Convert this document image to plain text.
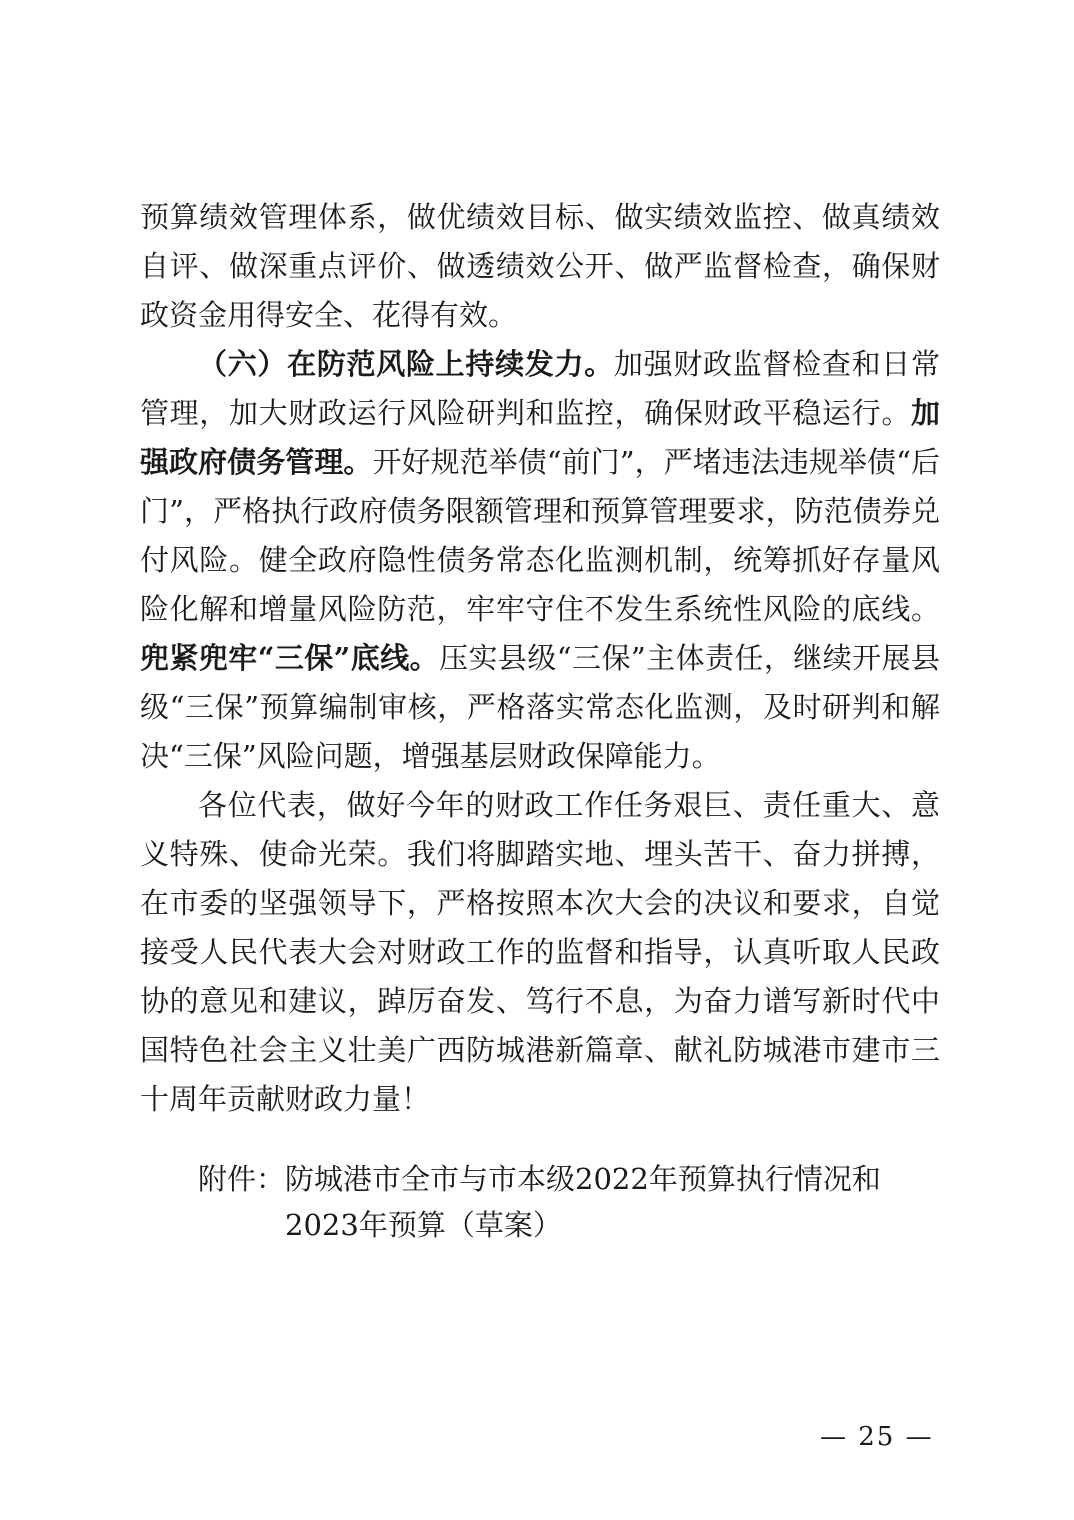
预算绩效管理体系，做优绩效目标、做实绩效监控、做真绩效自评、做深重点评价、做透绩效公开、做严监督检查，确保财政资金用得安全、花得有效。

（六）在防范风险上持续发力。加强财政监督检查和日常管理，加大财政运行风险研判和监控，确保财政平稳运行。加强政府债务管理。开好规范举债“前门”，严堵违法违规举债“后门”，严格执行政府债务限额管理和预算管理要求，防范债券兑付风险。健全政府隐性债务常态化监测机制，统筹抓好存量风险化解和增量风险防范，牢牢守住不发生系统性风险的底线。兜紧兜牢“三保”底线。压实县级“三保”主体责任，继续开展县级“三保”预算编制审核，严格落实常态化监测，及时研判和解决“三保”风险问题，增强基层财政保障能力。

各位代表，做好今年的财政工作任务艰巨、责任重大、意义特殊、使命光荣。我们将脚踏实地、埋头苦干、奋力拼搏，在市委的坚强领导下，严格按照本次大会的决议和要求，自觉接受人民代表大会对财政工作的监督和指导，认真听取人民政协的意见和建议，踔厉奋发、笃行不息，为奋力谱写新时代中国特色社会主义壮美广西防城港新篇章、献礼防城港市建市三十周年贡献财政力量！

附件： 防城港市全市与市本级2022年预算执行情况和2023年预算（草案）
— 25 —
